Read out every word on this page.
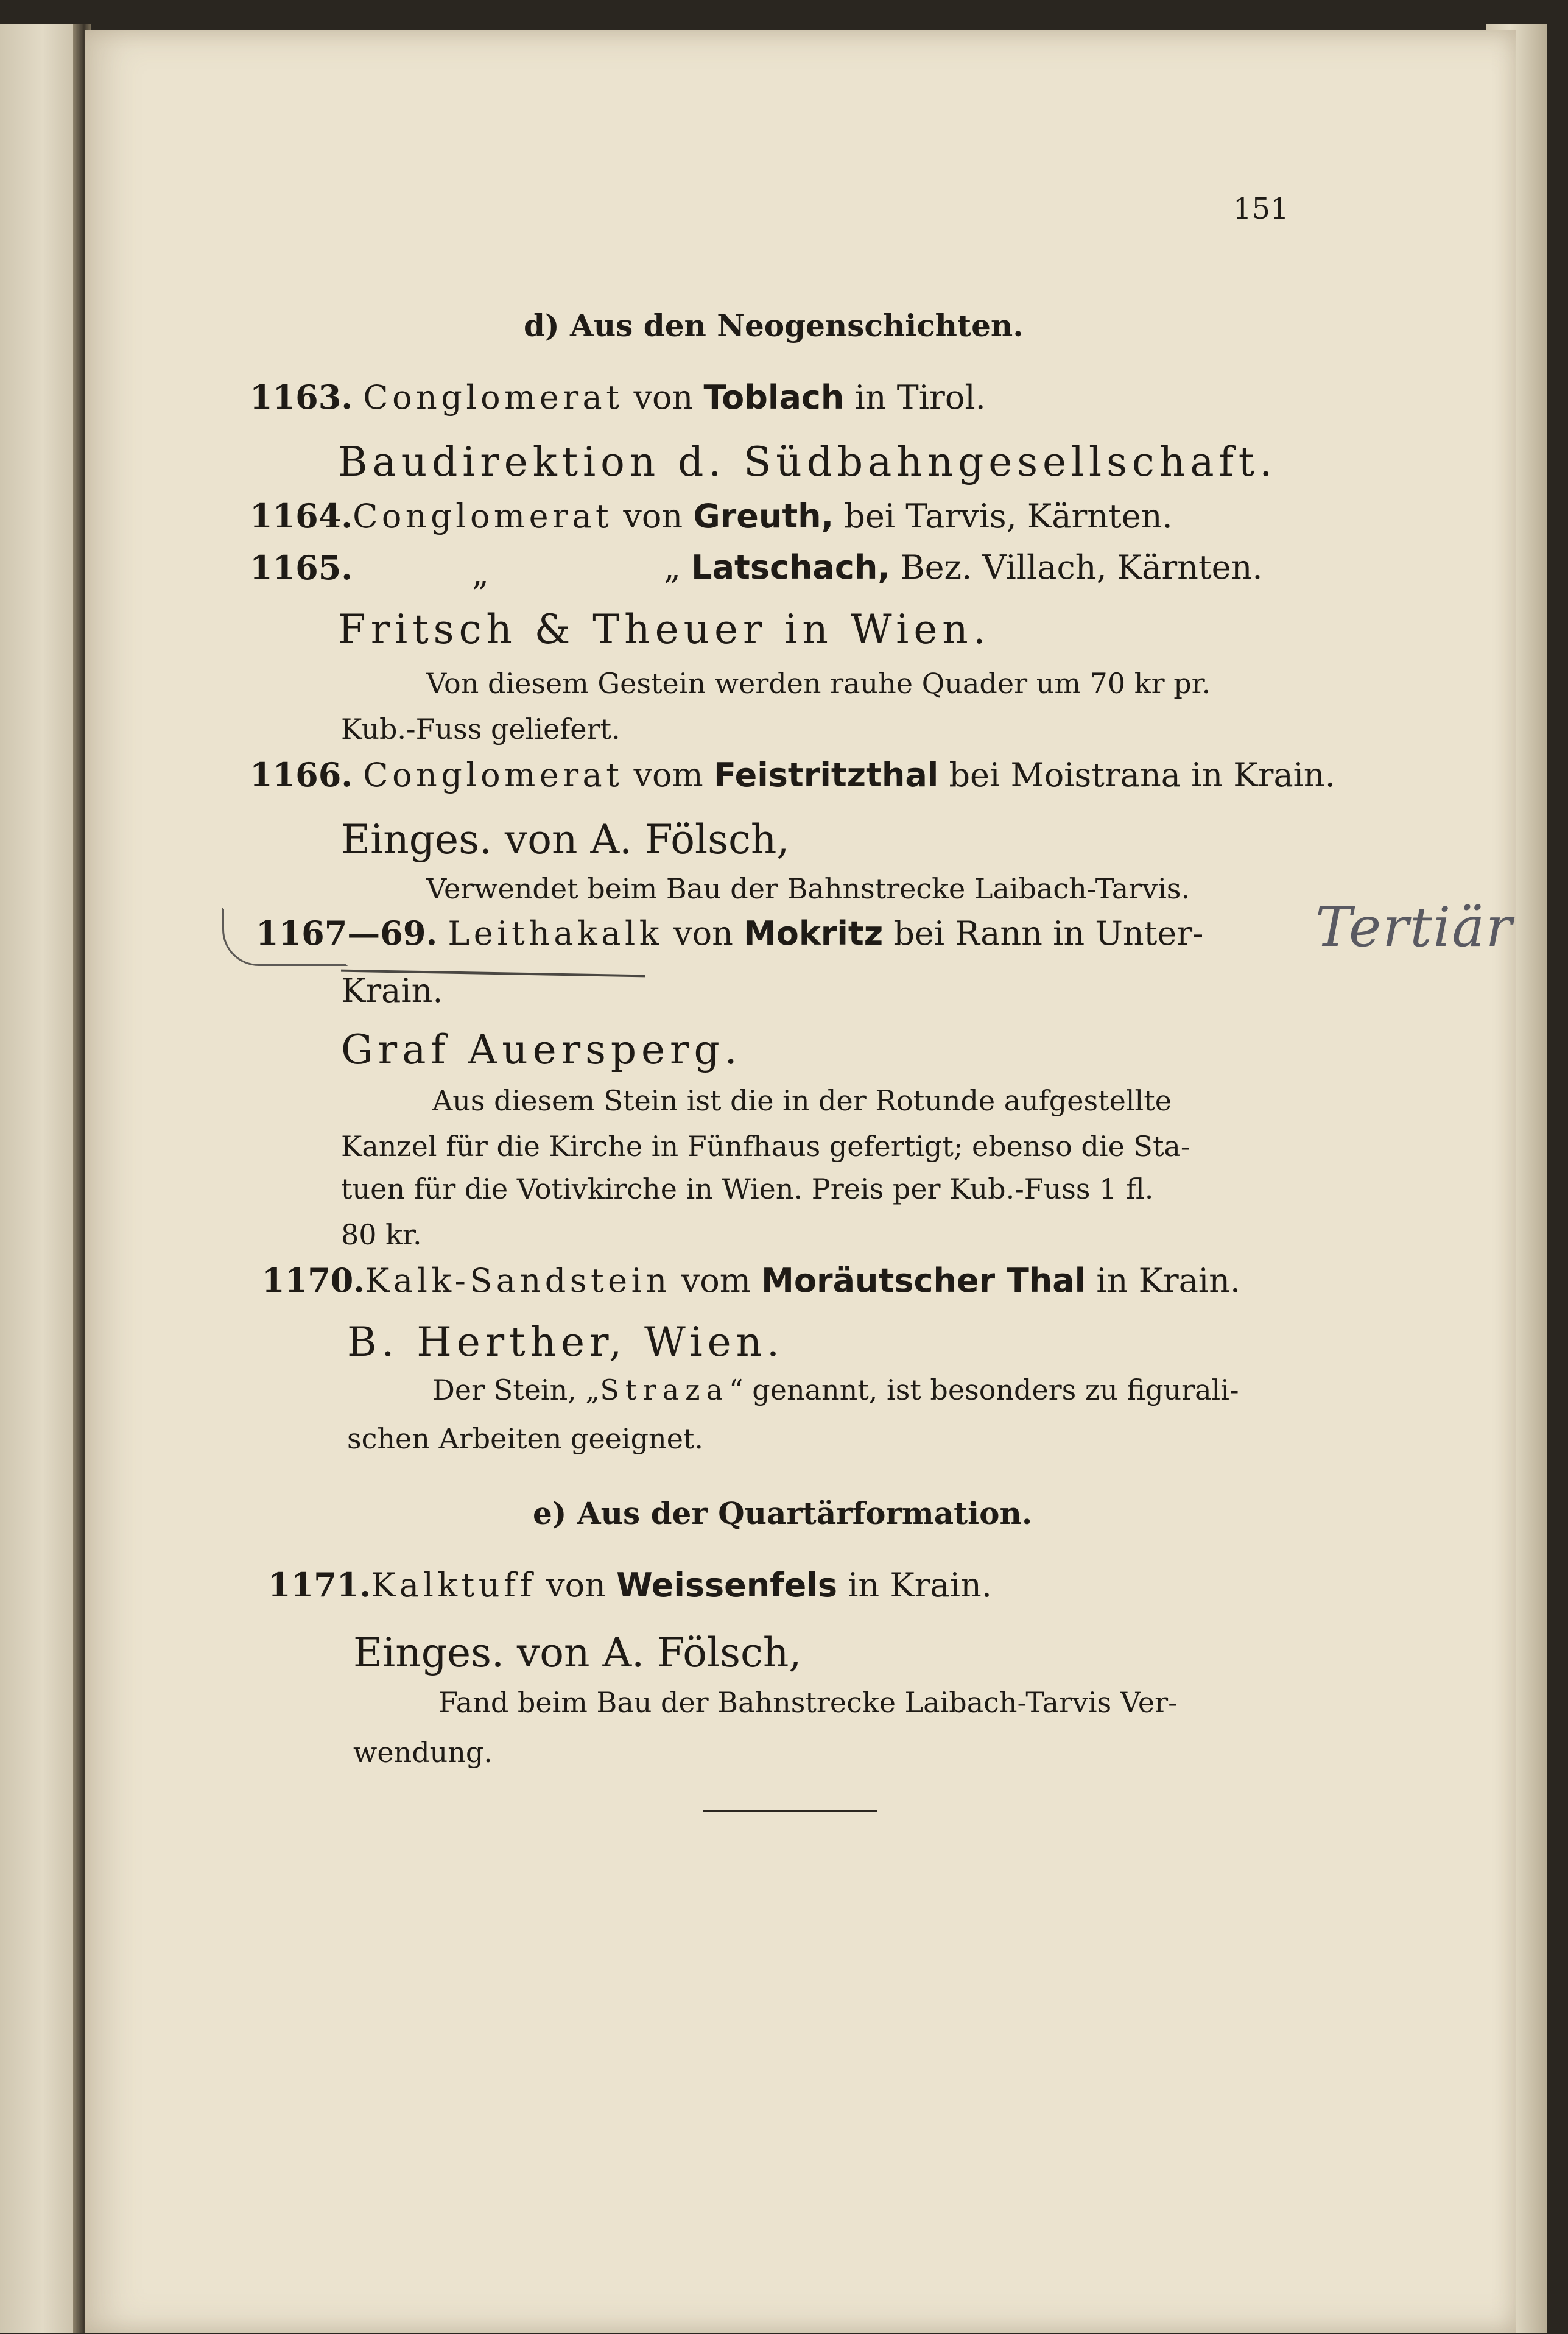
151
d) Aus den Neogenschichten.
1163. Conglomerat von Toblach in Tirol.
Baudirektion d. Südbahngesellschaft.
1164.Conglomerat von Greuth, bei Tarvis, Kärnten.
1165.	„	„ Latschach, Bez. Villach, Kärnten.
Fritsch & Theuer in Wien.
Von diesem Gestein werden rauhe Quader um 70 kr pr.
Kub.-Fuss geliefert.
1166. Conglomerat vom Feistritzthal bei Moistrana in Krain.
Einges. von A. Fölsch,
Verwendet beim Bau der Bahnstrecke Laibach-Tarvis.
1167—69. Leithakalk von Mokritz bei Rann in Unter- Tertiär
Krain.
Graf Auersperg.
Aus diesem Stein ist die in der Rotunde aufgestellte
Kanzel für die Kirche in Fünfhaus gefertigt; ebenso die Sta-
tuen für die Votivkirche in Wien. Preis per Kub.-Fuss 1 fl.
80 kr.
1170.Kalk-Sandstein vom Moräutscher Thal in Krain.
B. Herther, Wien.
Der Stein, „Straza“ genannt, ist besonders zu figurali-
schen Arbeiten geeignet.
e) Aus der Quartärformation.
1171.Kalktuff von Weissenfels in Krain.
Einges. von A. Fölsch,
Fand beim Bau der Bahnstrecke Laibach-Tarvis Ver-
wendung.
